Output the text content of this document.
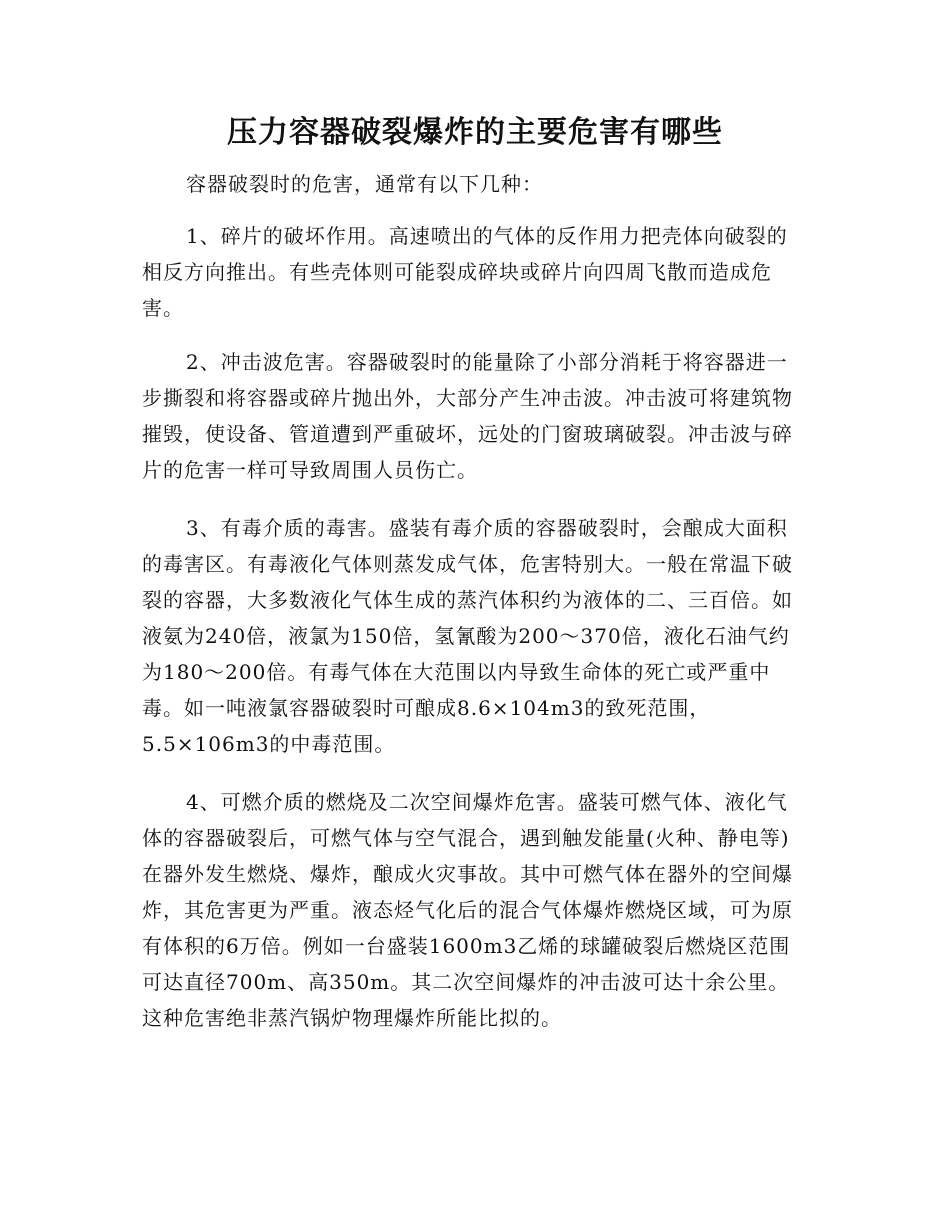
压力容器破裂爆炸的主要危害有哪些

容器破裂时的危害，通常有以下几种：

1、碎片的破坏作用。高速喷出的气体的反作用力把壳体向破裂的相反方向推出。有些壳体则可能裂成碎块或碎片向四周飞散而造成危害。

2、冲击波危害。容器破裂时的能量除了小部分消耗于将容器进一步撕裂和将容器或碎片抛出外，大部分产生冲击波。冲击波可将建筑物摧毁，使设备、管道遭到严重破坏，远处的门窗玻璃破裂。冲击波与碎片的危害一样可导致周围人员伤亡。

3、有毒介质的毒害。盛装有毒介质的容器破裂时，会酿成大面积的毒害区。有毒液化气体则蒸发成气体，危害特别大。一般在常温下破裂的容器，大多数液化气体生成的蒸汽体积约为液体的二、三百倍。如液氨为240倍，液氯为150倍，氢氰酸为200～370倍，液化石油气约为180～200倍。有毒气体在大范围以内导致生命体的死亡或严重中毒。如一吨液氯容器破裂时可酿成8.6×104m3的致死范围，5.5×106m3的中毒范围。

4、可燃介质的燃烧及二次空间爆炸危害。盛装可燃气体、液化气体的容器破裂后，可燃气体与空气混合，遇到触发能量(火种、静电等)在器外发生燃烧、爆炸，酿成火灾事故。其中可燃气体在器外的空间爆炸，其危害更为严重。液态烃气化后的混合气体爆炸燃烧区域，可为原有体积的6万倍。例如一台盛装1600m3乙烯的球罐破裂后燃烧区范围可达直径700m、高350m。其二次空间爆炸的冲击波可达十余公里。这种危害绝非蒸汽锅炉物理爆炸所能比拟的。
